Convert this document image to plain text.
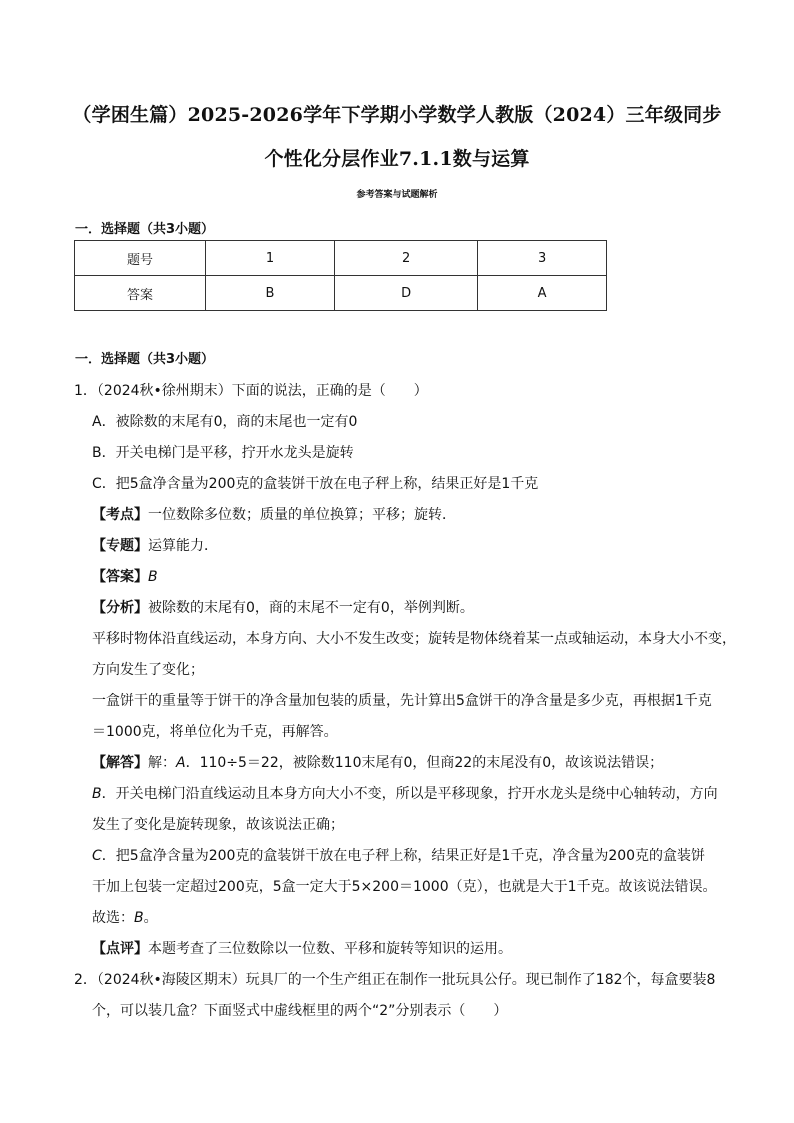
（学困生篇）2025-2026学年下学期小学数学人教版（2024）三年级同步
个性化分层作业7.1.1数与运算
参考答案与试题解析
一．选择题（共3小题）
题号	1	2	3
答案	B	D	A
一．选择题（共3小题）

1．（2024秋•徐州期末）下面的说法，正确的是（　　）

A．被除数的末尾有0，商的末尾也一定有0

B．开关电梯门是平移，拧开水龙头是旋转

C．把5盒净含量为200克的盒装饼干放在电子秤上称，结果正好是1千克

【考点】一位数除多位数；质量的单位换算；平移；旋转．

【专题】运算能力．

【答案】B

【分析】被除数的末尾有0，商的末尾不一定有0，举例判断。

平移时物体沿直线运动，本身方向、大小不发生改变；旋转是物体绕着某一点或轴运动，本身大小不变，

方向发生了变化；

一盒饼干的重量等于饼干的净含量加包装的质量，先计算出5盒饼干的净含量是多少克，再根据1千克

＝1000克，将单位化为千克，再解答。

【解答】解：A．110÷5＝22，被除数110末尾有0，但商22的末尾没有0，故该说法错误；

B．开关电梯门沿直线运动且本身方向大小不变，所以是平移现象，拧开水龙头是绕中心轴转动，方向

发生了变化是旋转现象，故该说法正确；

C．把5盒净含量为200克的盒装饼干放在电子秤上称，结果正好是1千克，净含量为200克的盒装饼

干加上包装一定超过200克，5盒一定大于5×200＝1000（克），也就是大于1千克。故该说法错误。

故选：B。

【点评】本题考查了三位数除以一位数、平移和旋转等知识的运用。

2．（2024秋•海陵区期末）玩具厂的一个生产组正在制作一批玩具公仔。现已制作了182个，每盒要装8

个，可以装几盒？下面竖式中虚线框里的两个“2”分别表示（　　）
